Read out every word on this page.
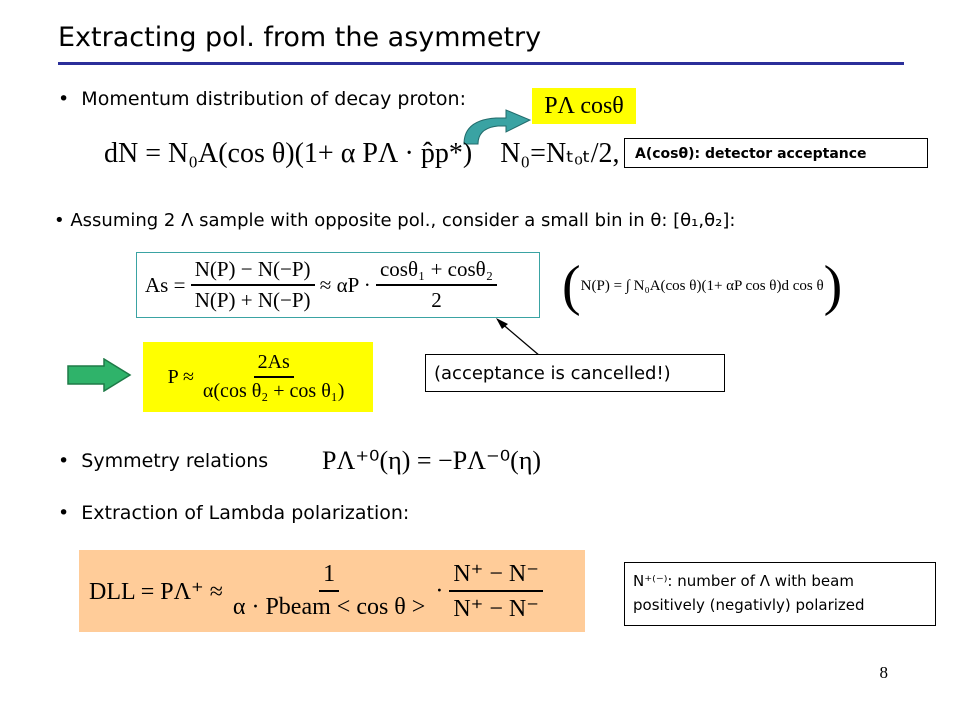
Extracting pol. from the asymmetry
•  Momentum distribution of decay proton:	PΛ cosθ
dN = N₀A(cos θ)(1+ α PΛ · p̂p*) N₀=Nₜₒₜ/2,	A(cosθ): detector acceptance
• Assuming 2 Λ sample with opposite pol., consider a small bin in θ: [θ₁,θ₂]:
As =
$\frac{N(P) - N(-P)}{N(P) + N(-P)}$
≈ αP ·
$\frac{\text{cosθ₁ + cosθ₂}}{2}$ ( N(P) = ∫ N₀A(cos θ)(1+ αP cos θ)d cos θ )
P ≈
$\frac{2As}{\text{α(cos θ₂ + cos θ₁)}}$	(acceptance is cancelled!)
•  Symmetry relations PΛ⁺⁰(η) = −PΛ⁻⁰(η)
•  Extraction of Lambda polarization:
DLL = PΛ⁺ ≈
$\frac{1}{\text{α · Pbeam < cos θ >}} \cdot \frac{N^+ - N^-}{N^+ - N^-}$	N⁺⁽⁻⁾: number of Λ with beam
positively (negativly) polarized
8
